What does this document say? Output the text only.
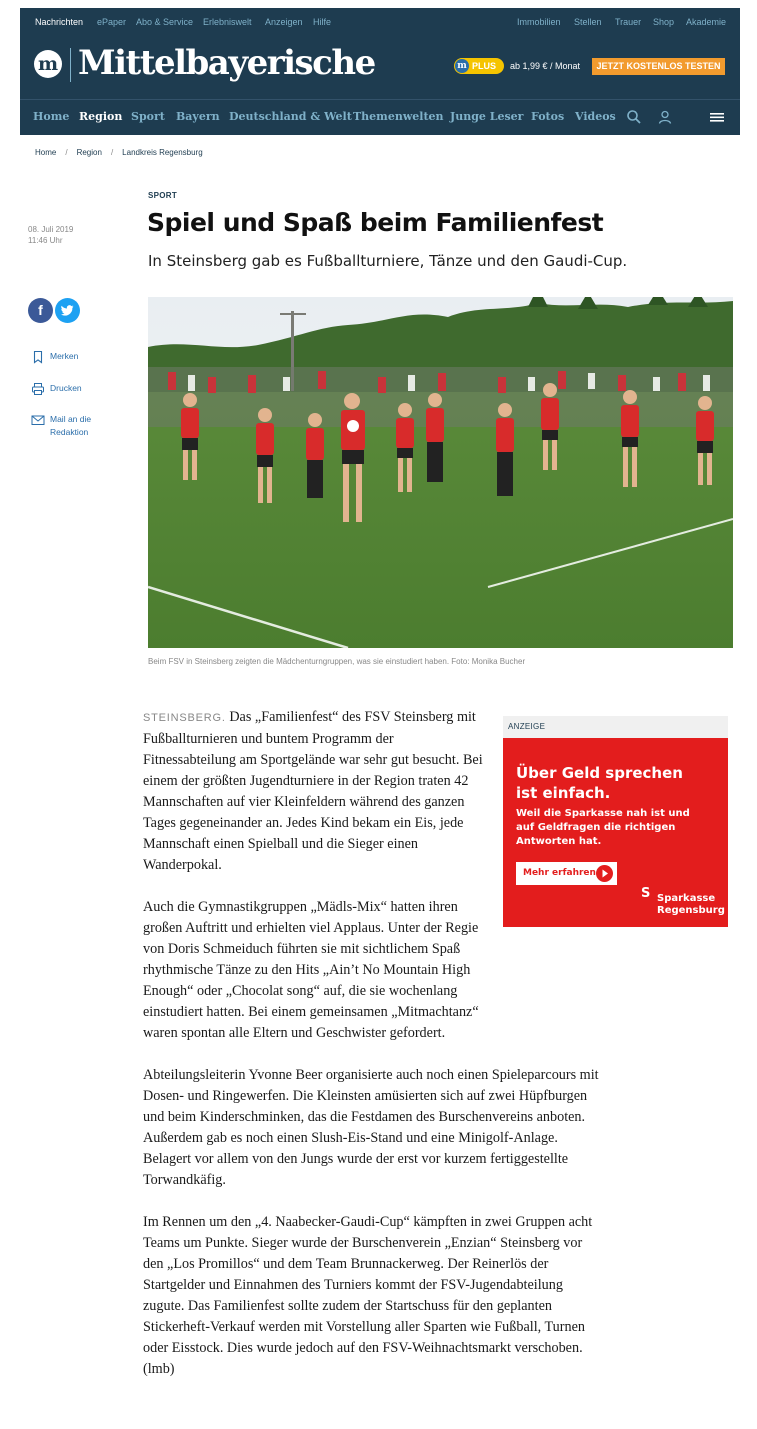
Nachrichten ePaper Abo & Service Erlebniswelt Anzeigen Hilfe	Immobilien Stellen Trauer Shop Akademie
m Mittelbayerische	m PLUS ab 1,99 € / Monat	JETZT KOSTENLOS TESTEN
Home Region Sport Bayern Deutschland & Welt Themenwelten Junge Leser Fotos Videos
Home / Region / Landkreis Regensburg
08. Juli 2019
11:46 Uhr
f
Merken
Drucken
Mail an die
Redaktion
SPORT
Spiel und Spaß beim Familienfest
In Steinsberg gab es Fußballturniere, Tänze und den Gaudi-Cup.
Beim FSV in Steinsberg zeigten die Mädchenturngruppen, was sie einstudiert haben. Foto: Monika Bucher

STEINSBERG. Das „Familienfest“ des FSV Steinsberg mit Fußballturnieren und buntem Programm der Fitnessabteilung am Sportgelände war sehr gut besucht. Bei einem der größten Jugendturniere in der Region traten 42 Mannschaften auf vier Kleinfeldern während des ganzen Tages gegeneinander an. Jedes Kind bekam ein Eis, jede Mannschaft einen Spielball und die Sieger einen Wanderpokal.

Auch die Gymnastikgruppen „Mädls-Mix“ hatten ihren großen Auftritt und erhielten viel Applaus. Unter der Regie von Doris Schmeiduch führten sie mit sichtlichem Spaß rhythmische Tänze zu den Hits „Ain’t No Mountain High Enough“ oder „Chocolat song“ auf, die sie wochenlang einstudiert hatten. Bei einem gemeinsamen „Mitmachtanz“ waren spontan alle Eltern und Geschwister gefordert.

Abteilungsleiterin Yvonne Beer organisierte auch noch einen Spieleparcours mit Dosen- und Ringewerfen. Die Kleinsten amüsierten sich auf zwei Hüpfburgen und beim Kinderschminken, das die Festdamen des Burschenvereins anboten. Außerdem gab es noch einen Slush-Eis-Stand und eine Minigolf-Anlage. Belagert vor allem von den Jungs wurde der erst vor kurzem fertiggestellte Torwandkäfig.

Im Rennen um den „4. Naabecker-Gaudi-Cup“ kämpften in zwei Gruppen acht Teams um Punkte. Sieger wurde der Burschenverein „Enzian“ Steinsberg vor den „Los Promillos“ und dem Team Brunnackerweg. Der Reinerlös der Startgelder und Einnahmen des Turniers kommt der FSV-Jugendabteilung zugute. Das Familienfest sollte zudem der Startschuss für den geplanten Stickerheft-Verkauf werden mit Vorstellung aller Sparten wie Fußball, Turnen oder Eisstock. Dies wurde jedoch auf den FSV-Weihnachtsmarkt verschoben. (lmb)

ANZEIGE
Über Geld sprechen
ist einfach.
Weil die Sparkasse nah ist und
auf Geldfragen die richtigen
Antworten hat.
Mehr erfahren
S Sparkasse
Regensburg
